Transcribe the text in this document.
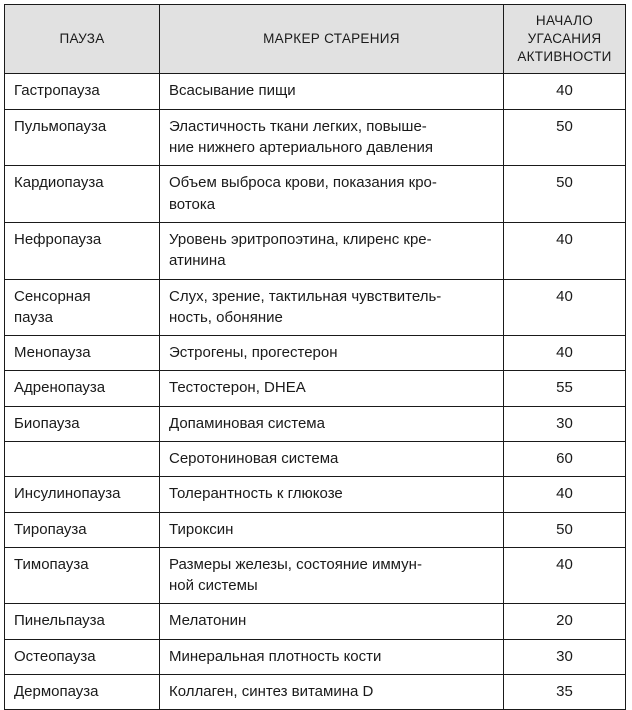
ПАУЗА	МАРКЕР СТАРЕНИЯ	НАЧАЛО
УГАСАНИЯ
АКТИВНОСТИ

Гастропауза	Всасывание пищи	40

Пульмопауза	Эластичность ткани легких, повыше-
ние нижнего артериального давления	50

Кардиопауза	Объем выброса крови, показания кро-
вотока	50

Нефропауза	Уровень эритропоэтина, клиренс кре-
атинина	40

Сенсорная
пауза	Слух, зрение, тактильная чувствитель-
ность, обоняние	40

Менопауза	Эстрогены, прогестерон	40

Адренопауза	Тестостерон, DHEA	55

Биопауза	Допаминовая система	30

	Серотониновая система	60

Инсулинопауза	Толерантность к глюкозе	40

Тиропауза	Тироксин	50

Тимопауза	Размеры железы, состояние иммун-
ной системы	40

Пинельпауза	Мелатонин	20

Остеопауза	Минеральная плотность кости	30

Дермопауза	Коллаген, синтез витамина D	35
